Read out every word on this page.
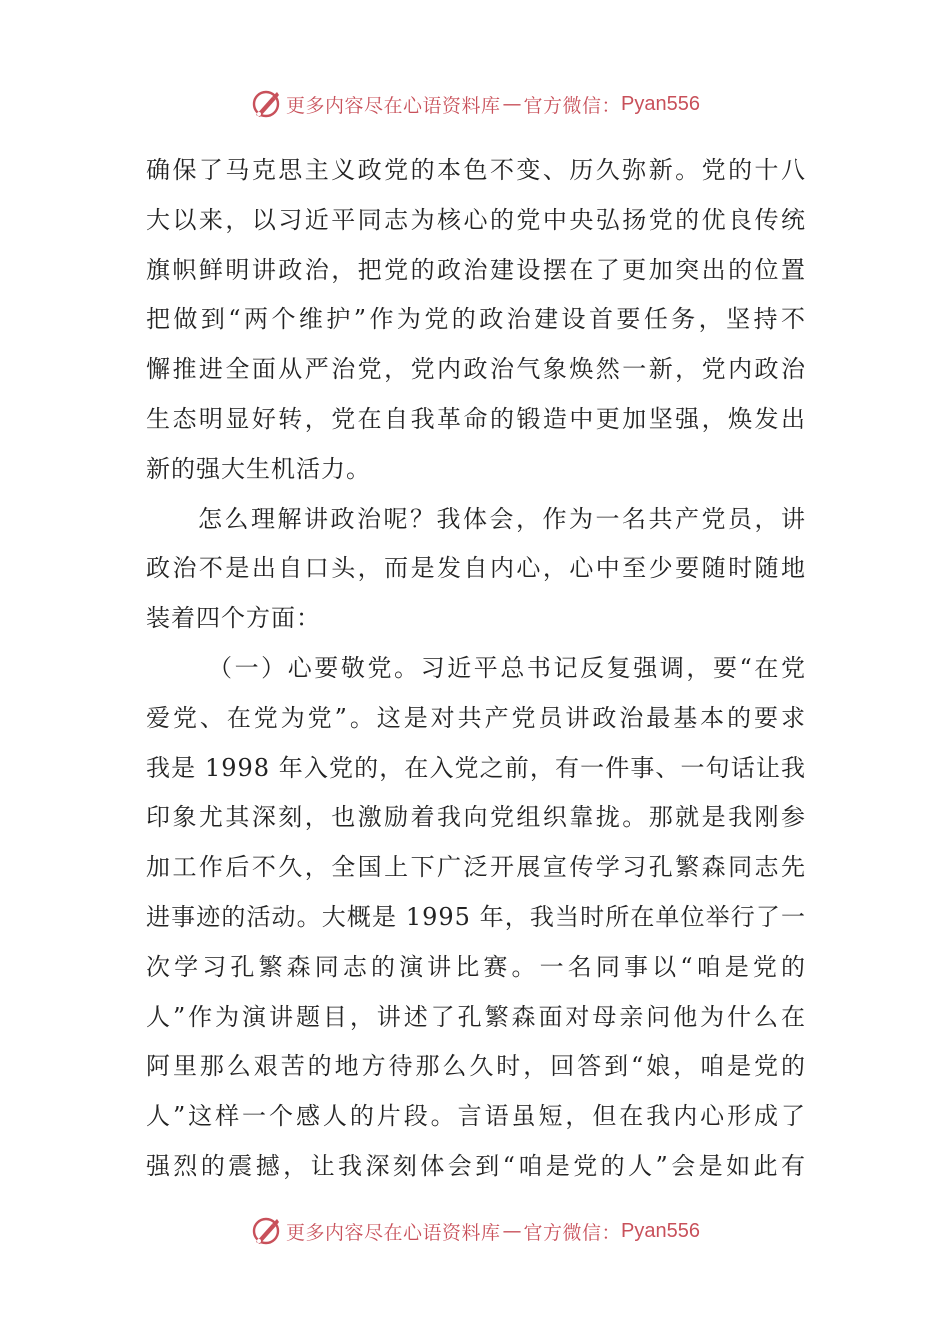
更多内容尽在心语资料库 — 官方微信： Pyan556
确保了马克思主义政党的本色不变、历久弥新。党的十八
大以来，以习近平同志为核心的党中央弘扬党的优良传统
旗帜鲜明讲政治，把党的政治建设摆在了更加突出的位置
把做到“两个维护”作为党的政治建设首要任务，坚持不
懈推进全面从严治党，党内政治气象焕然一新，党内政治
生态明显好转，党在自我革命的锻造中更加坚强，焕发出
新的强大生机活力。
怎么理解讲政治呢？我体会，作为一名共产党员，讲
政治不是出自口头，而是发自内心，心中至少要随时随地
装着四个方面：
（一）心要敬党。习近平总书记反复强调，要“在党
爱党、在党为党”。这是对共产党员讲政治最基本的要求
我是 1998 年入党的，在入党之前，有一件事、一句话让我
印象尤其深刻，也激励着我向党组织靠拢。那就是我刚参
加工作后不久，全国上下广泛开展宣传学习孔繁森同志先
进事迹的活动。大概是 1995 年，我当时所在单位举行了一
次学习孔繁森同志的演讲比赛。一名同事以“咱是党的
人”作为演讲题目，讲述了孔繁森面对母亲问他为什么在
阿里那么艰苦的地方待那么久时，回答到“娘，咱是党的
人”这样一个感人的片段。言语虽短，但在我内心形成了
强烈的震撼，让我深刻体会到“咱是党的人”会是如此有
更多内容尽在心语资料库 — 官方微信： Pyan556
